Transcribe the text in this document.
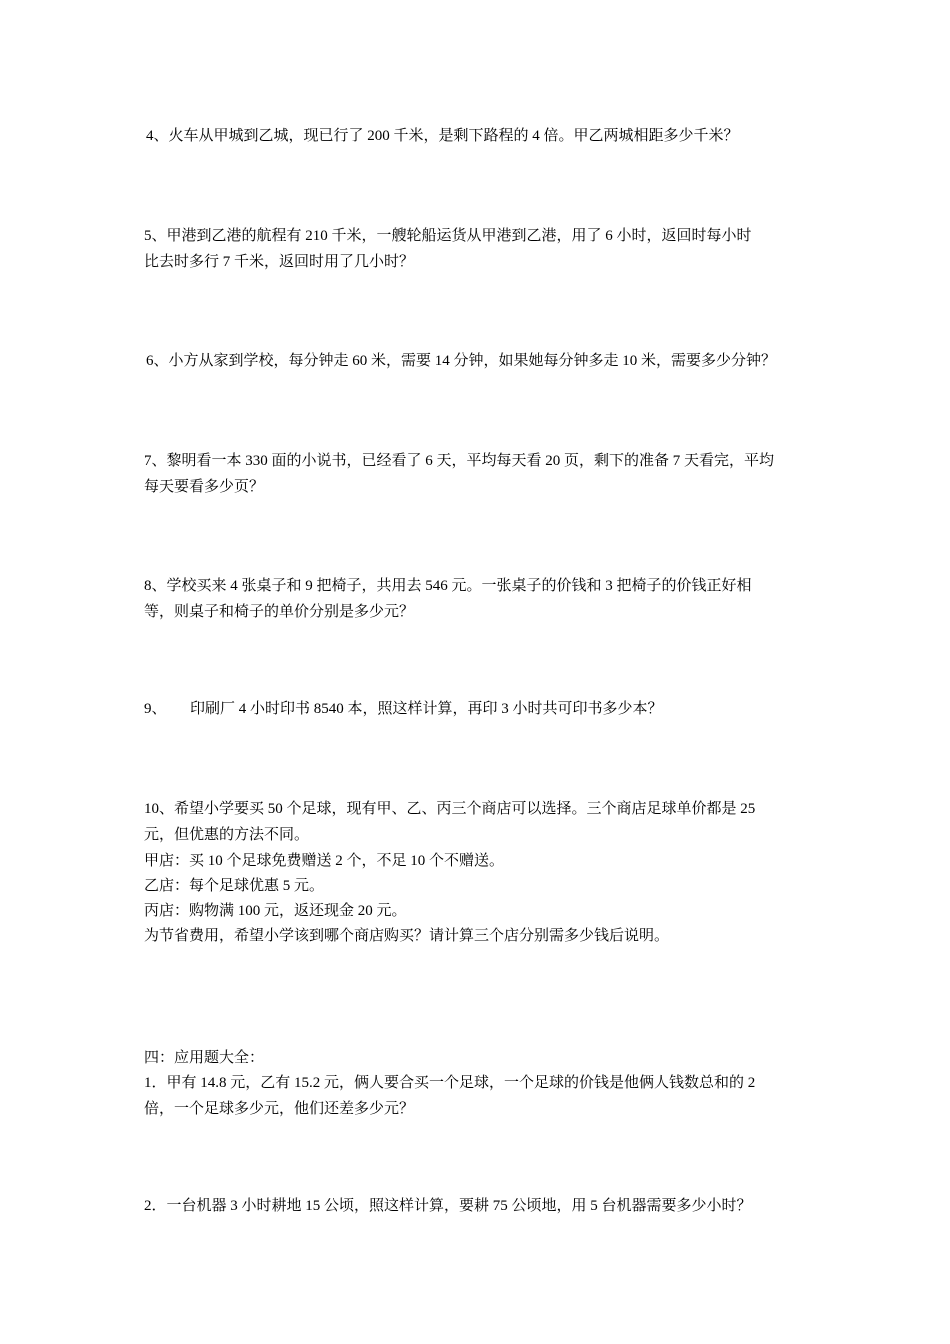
4、火车从甲城到乙城，现已行了 200 千米，是剩下路程的 4 倍。甲乙两城相距多少千米？
5、甲港到乙港的航程有 210 千米，一艘轮船运货从甲港到乙港，用了 6 小时，返回时每小时
比去时多行 7 千米，返回时用了几小时？
6、小方从家到学校，每分钟走 60 米，需要 14 分钟，如果她每分钟多走 10 米，需要多少分钟？
7、黎明看一本 330 面的小说书，已经看了 6 天，平均每天看 20 页，剩下的准备 7 天看完，平均
每天要看多少页？
8、学校买来 4 张桌子和 9 把椅子，共用去 546 元。一张桌子的价钱和 3 把椅子的价钱正好相
等，则桌子和椅子的单价分别是多少元？
9、 印刷厂 4 小时印书 8540 本，照这样计算，再印 3 小时共可印书多少本？
10、希望小学要买 50 个足球，现有甲、乙、丙三个商店可以选择。三个商店足球单价都是 25
元，但优惠的方法不同。
甲店：买 10 个足球免费赠送 2 个，不足 10 个不赠送。
乙店：每个足球优惠 5 元。
丙店：购物满 100 元，返还现金 20 元。
为节省费用，希望小学该到哪个商店购买？请计算三个店分别需多少钱后说明。
四：应用题大全：
1．甲有 14.8 元，乙有 15.2 元，俩人要合买一个足球，一个足球的价钱是他俩人钱数总和的 2
倍，一个足球多少元，他们还差多少元？
2．一台机器 3 小时耕地 15 公顷，照这样计算，要耕 75 公顷地，用 5 台机器需要多少小时？
